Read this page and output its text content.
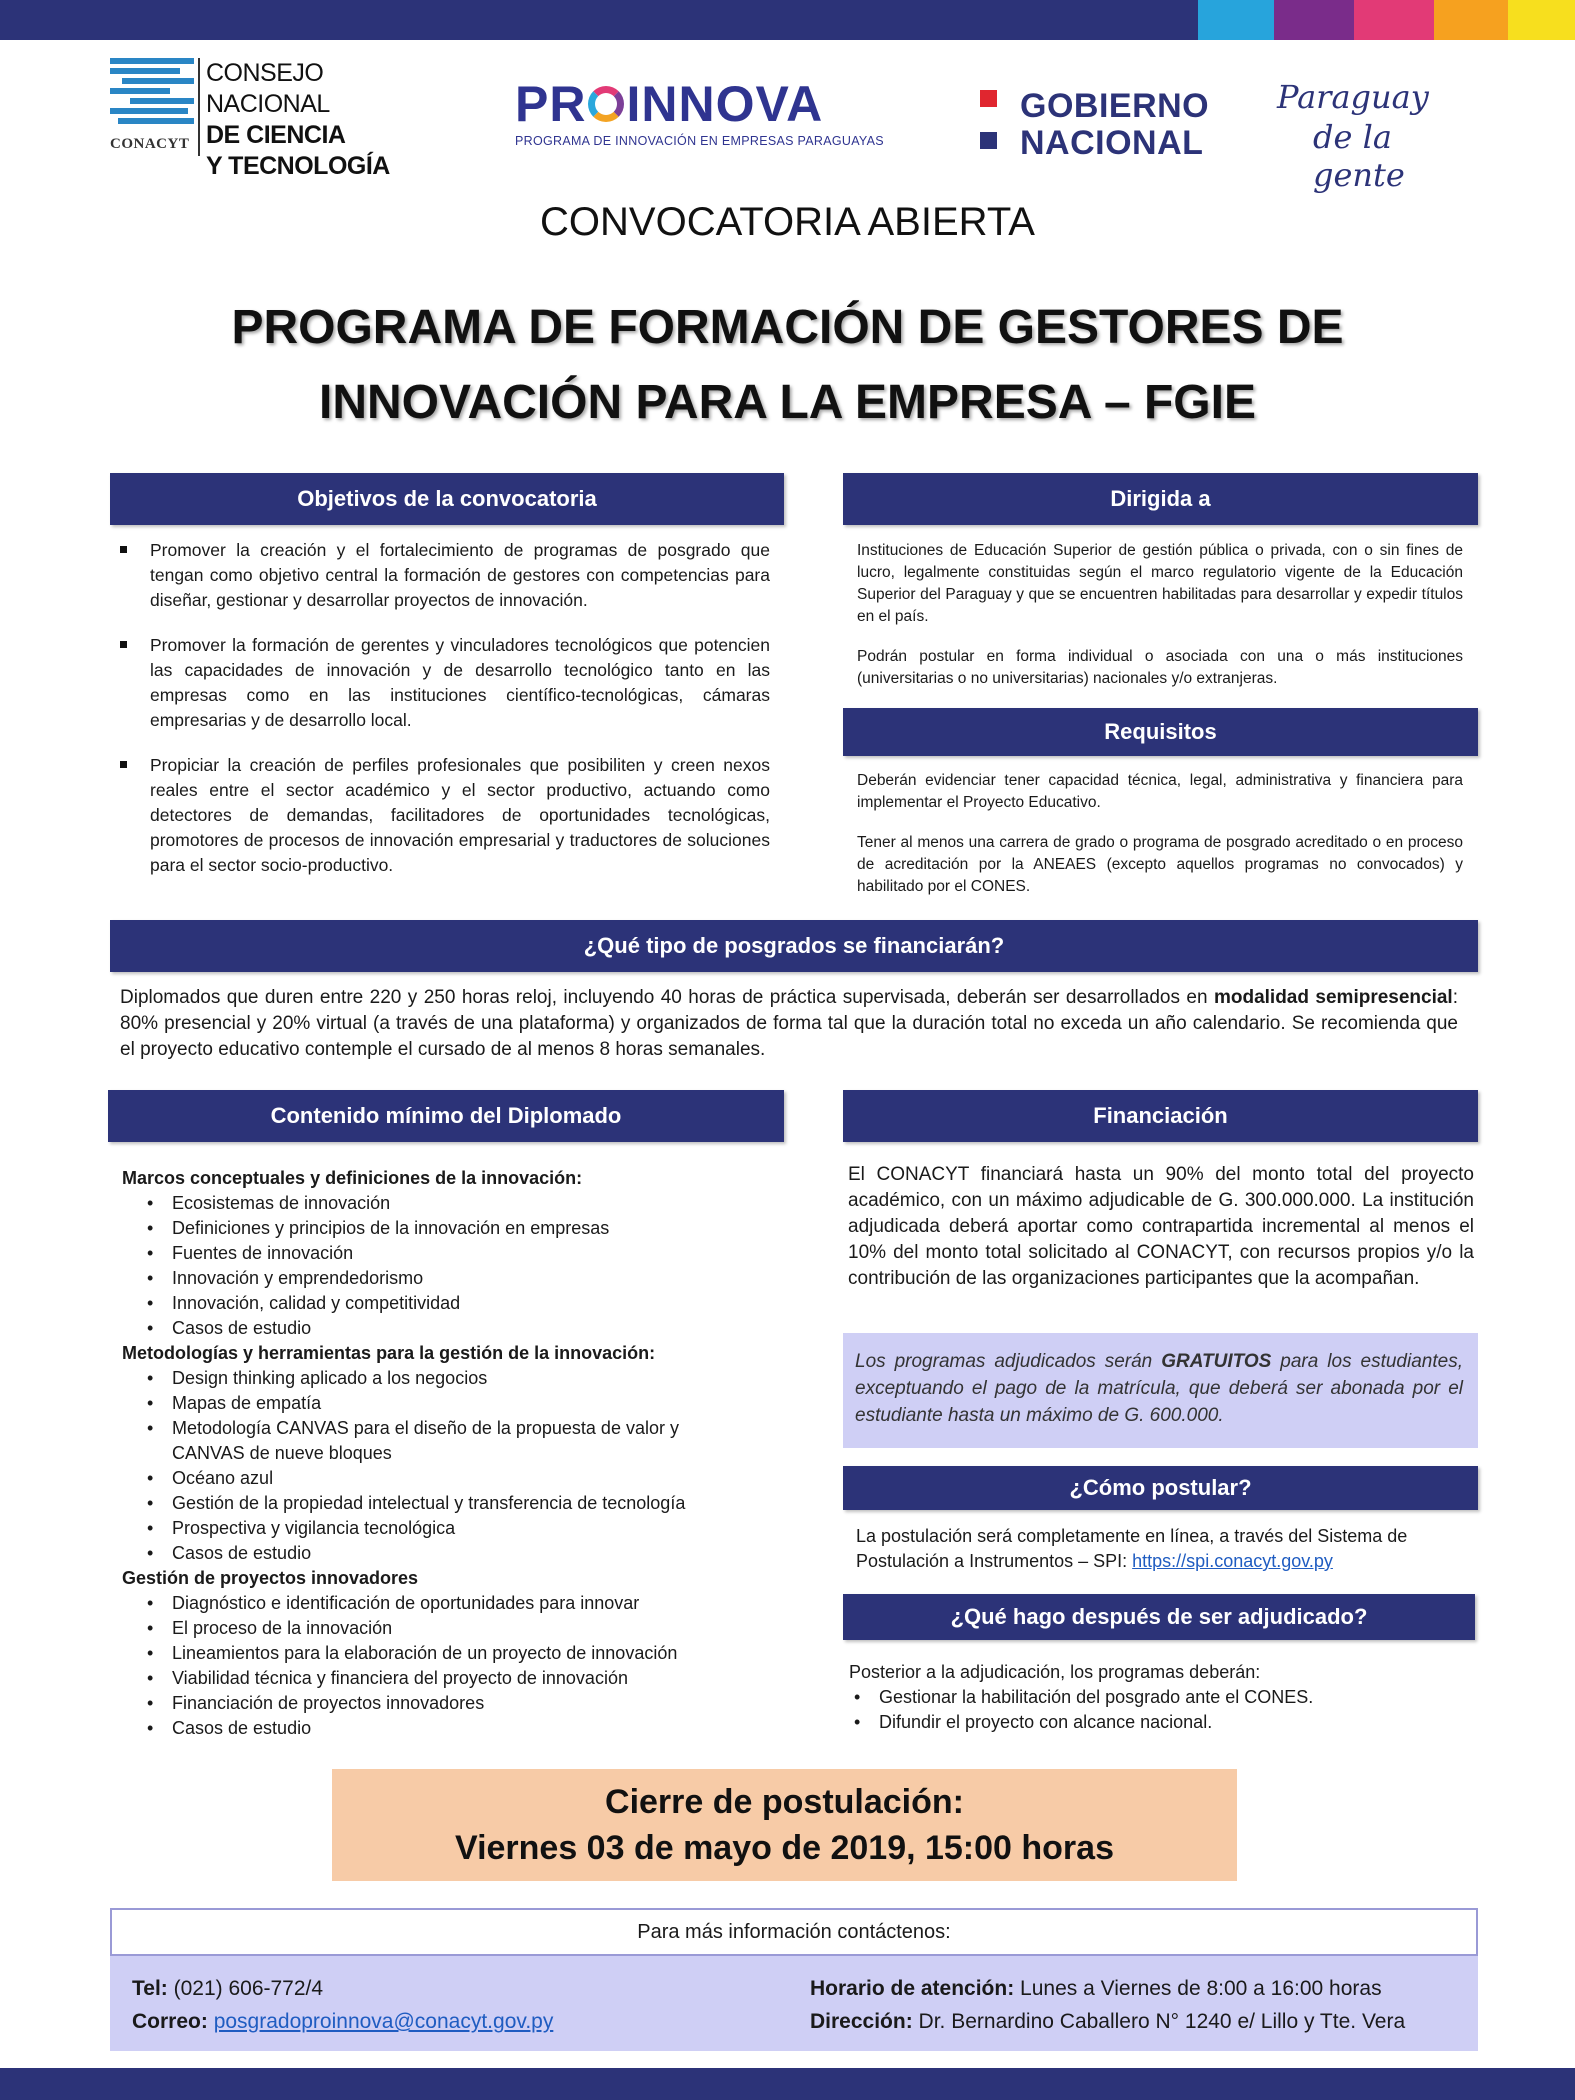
CONACYT
CONSEJO NACIONAL
DE CIENCIA
Y TECNOLOGÍA
PR INNOVA
PROGRAMA DE INNOVACIÓN EN EMPRESAS PARAGUAYAS
GOBIERNO
NACIONAL
Paraguay
de la gente
CONVOCATORIA ABIERTA
PROGRAMA DE FORMACIÓN DE GESTORES DE
INNOVACIÓN PARA LA EMPRESA – FGIE
Objetivos de la convocatoria
Promover la creación y el fortalecimiento de programas de posgrado que tengan como objetivo central la formación de gestores con competencias para diseñar, gestionar y desarrollar proyectos de innovación.
Promover la formación de gerentes y vinculadores tecnológicos que potencien las capacidades de innovación y de desarrollo tecnológico tanto en las empresas como en las instituciones científico-tecnológicas, cámaras empresarias y de desarrollo local.
Propiciar la creación de perfiles profesionales que posibiliten y creen nexos reales entre el sector académico y el sector productivo, actuando como detectores de demandas, facilitadores de oportunidades tecnológicas, promotores de procesos de innovación empresarial y traductores de soluciones para el sector socio-productivo.
Dirigida a

Instituciones de Educación Superior de gestión pública o privada, con o sin fines de lucro, legalmente constituidas según el marco regulatorio vigente de la Educación Superior del Paraguay y que se encuentren habilitadas para desarrollar y expedir títulos en el país.

Podrán postular en forma individual o asociada con una o más instituciones (universitarias o no universitarias) nacionales y/o extranjeras.

Requisitos

Deberán evidenciar tener capacidad técnica, legal, administrativa y financiera para implementar el Proyecto Educativo.

Tener al menos una carrera de grado o programa de posgrado acreditado o en proceso de acreditación por la ANEAES (excepto aquellos programas no convocados) y habilitado por el CONES.

¿Qué tipo de posgrados se financiarán?
Diplomados que duren entre 220 y 250 horas reloj, incluyendo 40 horas de práctica supervisada, deberán ser desarrollados en modalidad semipresencial: 80% presencial y 20% virtual (a través de una plataforma) y organizados de forma tal que la duración total no exceda un año calendario. Se recomienda que el proyecto educativo contemple el cursado de al menos 8 horas semanales.
Contenido mínimo del Diplomado
Marcos conceptuales y definiciones de la innovación:
• Ecosistemas de innovación
• Definiciones y principios de la innovación en empresas
• Fuentes de innovación
• Innovación y emprendedorismo
• Innovación, calidad y competitividad
• Casos de estudio
Metodologías y herramientas para la gestión de la innovación:
• Design thinking aplicado a los negocios
• Mapas de empatía
• Metodología CANVAS para el diseño de la propuesta de valor y CANVAS de nueve bloques
• Océano azul
• Gestión de la propiedad intelectual y transferencia de tecnología
• Prospectiva y vigilancia tecnológica
• Casos de estudio
Gestión de proyectos innovadores
• Diagnóstico e identificación de oportunidades para innovar
• El proceso de la innovación
• Lineamientos para la elaboración de un proyecto de innovación
• Viabilidad técnica y financiera del proyecto de innovación
• Financiación de proyectos innovadores
• Casos de estudio
Financiación
El CONACYT financiará hasta un 90% del monto total del proyecto académico, con un máximo adjudicable de G. 300.000.000. La institución adjudicada deberá aportar como contrapartida incremental al menos el 10% del monto total solicitado al CONACYT, con recursos propios y/o la contribución de las organizaciones participantes que la acompañan.
Los programas adjudicados serán GRATUITOS para los estudiantes, exceptuando el pago de la matrícula, que deberá ser abonada por el estudiante hasta un máximo de G. 600.000.
¿Cómo postular?
La postulación será completamente en línea, a través del Sistema de Postulación a Instrumentos – SPI: https://spi.conacyt.gov.py
¿Qué hago después de ser adjudicado?
Posterior a la adjudicación, los programas deberán:
• Gestionar la habilitación del posgrado ante el CONES.
• Difundir el proyecto con alcance nacional.
Cierre de postulación:
Viernes 03 de mayo de 2019, 15:00 horas
Para más información contáctenos:
Tel: (021) 606-772/4
Correo: posgradoproinnova@conacyt.gov.py
Horario de atención: Lunes a Viernes de 8:00 a 16:00 horas
Dirección: Dr. Bernardino Caballero N° 1240 e/ Lillo y Tte. Vera
